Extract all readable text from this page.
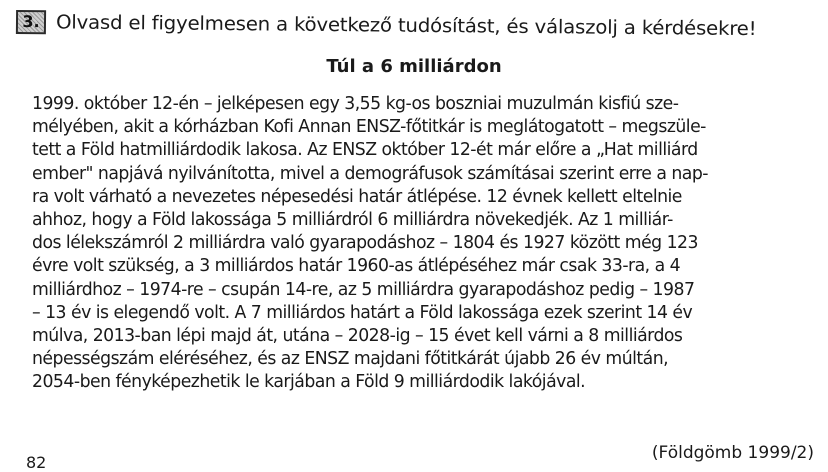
3. Olvasd el figyelmesen a következő tudósítást, és válaszolj a kérdésekre!
Túl a 6 milliárdon
1999. október 12-én – jelképesen egy 3,55 kg-os boszniai muzulmán kisfiú sze-
mélyében, akit a kórházban Kofi Annan ENSZ-főtitkár is meglátogatott – megszüle-
tett a Föld hatmilliárdodik lakosa. Az ENSZ október 12-ét már előre a „Hat milliárd
ember" napjává nyilvánította, mivel a demográfusok számításai szerint erre a nap-
ra volt várható a nevezetes népesedési határ átlépése. 12 évnek kellett eltelnie
ahhoz, hogy a Föld lakossága 5 milliárdról 6 milliárdra növekedjék. Az 1 milliár-
dos lélekszámról 2 milliárdra való gyarapodáshoz – 1804 és 1927 között még 123
évre volt szükség, a 3 milliárdos határ 1960-as átlépéséhez már csak 33-ra, a 4
milliárdhoz – 1974-re – csupán 14-re, az 5 milliárdra gyarapodáshoz pedig – 1987
– 13 év is elegendő volt. A 7 milliárdos határt a Föld lakossága ezek szerint 14 év
múlva, 2013-ban lépi majd át, utána – 2028-ig – 15 évet kell várni a 8 milliárdos
népességszám eléréséhez, és az ENSZ majdani főtitkárát újabb 26 év múltán,
2054-ben fényképezhetik le karjában a Föld 9 milliárdodik lakójával.
(Földgömb 1999/2)
82
